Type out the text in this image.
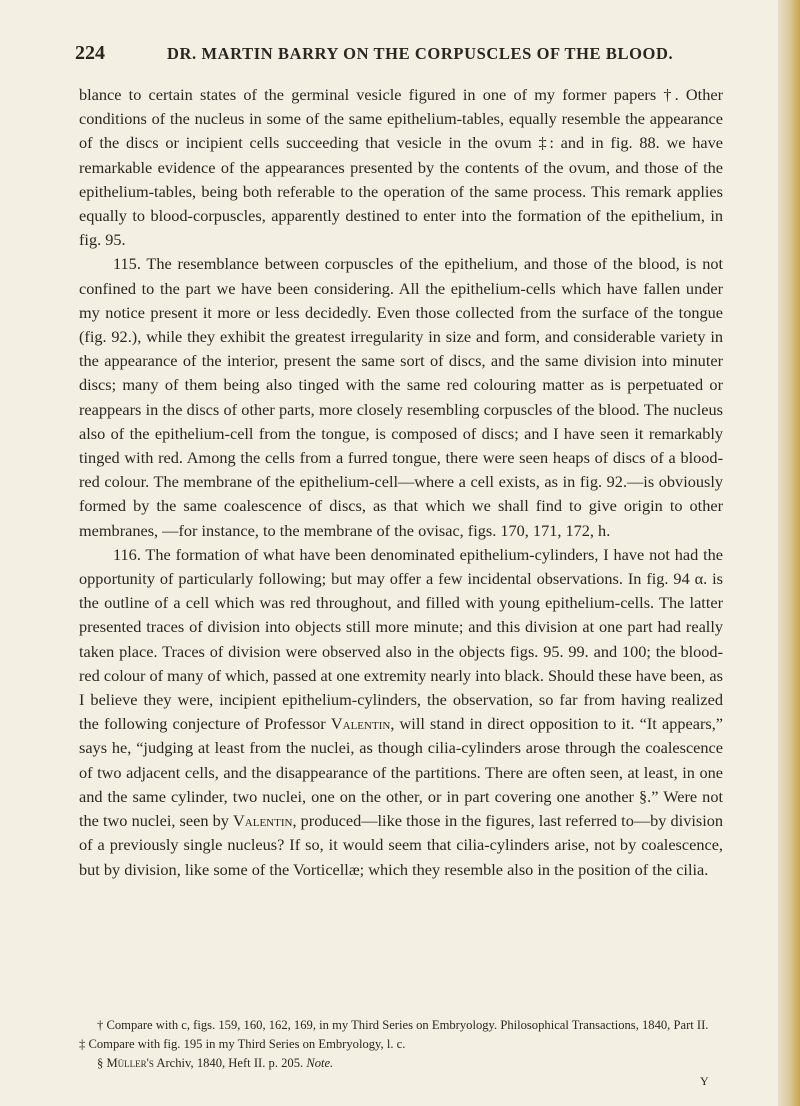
224	DR. MARTIN BARRY ON THE CORPUSCLES OF THE BLOOD.

blance to certain states of the germinal vesicle figured in one of my former papers †. Other conditions of the nucleus in some of the same epithelium-tables, equally resemble the appearance of the discs or incipient cells succeeding that vesicle in the ovum ‡: and in fig. 88. we have remarkable evidence of the appearances presented by the contents of the ovum, and those of the epithelium-tables, being both referable to the operation of the same process. This remark applies equally to blood-corpuscles, apparently destined to enter into the formation of the epithelium, in fig. 95.

115. The resemblance between corpuscles of the epithelium, and those of the blood, is not confined to the part we have been considering. All the epithelium-cells which have fallen under my notice present it more or less decidedly. Even those collected from the surface of the tongue (fig. 92.), while they exhibit the greatest irregularity in size and form, and considerable variety in the appearance of the interior, present the same sort of discs, and the same division into minuter discs; many of them being also tinged with the same red colouring matter as is perpetuated or reappears in the discs of other parts, more closely resembling corpuscles of the blood. The nucleus also of the epithelium-cell from the tongue, is composed of discs; and I have seen it remarkably tinged with red. Among the cells from a furred tongue, there were seen heaps of discs of a blood-red colour. The membrane of the epithelium-cell—where a cell exists, as in fig. 92.—is obviously formed by the same coalescence of discs, as that which we shall find to give origin to other membranes, —for instance, to the membrane of the ovisac, figs. 170, 171, 172, h.

116. The formation of what have been denominated epithelium-cylinders, I have not had the opportunity of particularly following; but may offer a few incidental observations. In fig. 94 α. is the outline of a cell which was red throughout, and filled with young epithelium-cells. The latter presented traces of division into objects still more minute; and this division at one part had really taken place. Traces of division were observed also in the objects figs. 95. 99. and 100; the blood-red colour of many of which, passed at one extremity nearly into black. Should these have been, as I believe they were, incipient epithelium-cylinders, the observation, so far from having realized the following conjecture of Professor Valentin, will stand in direct opposition to it. “It appears,” says he, “judging at least from the nuclei, as though cilia-cylinders arose through the coalescence of two adjacent cells, and the disappearance of the partitions. There are often seen, at least, in one and the same cylinder, two nuclei, one on the other, or in part covering one another §.” Were not the two nuclei, seen by Valentin, produced—like those in the figures, last referred to—by division of a previously single nucleus? If so, it would seem that cilia-cylinders arise, not by coalescence, but by division, like some of the Vorticellæ; which they resemble also in the position of the cilia.

† Compare with c, figs. 159, 160, 162, 169, in my Third Series on Embryology. Philosophical Transactions, 1840, Part II.

‡ Compare with fig. 195 in my Third Series on Embryology, l. c.

§ Müller's Archiv, 1840, Heft II. p. 205. Note.

Y
